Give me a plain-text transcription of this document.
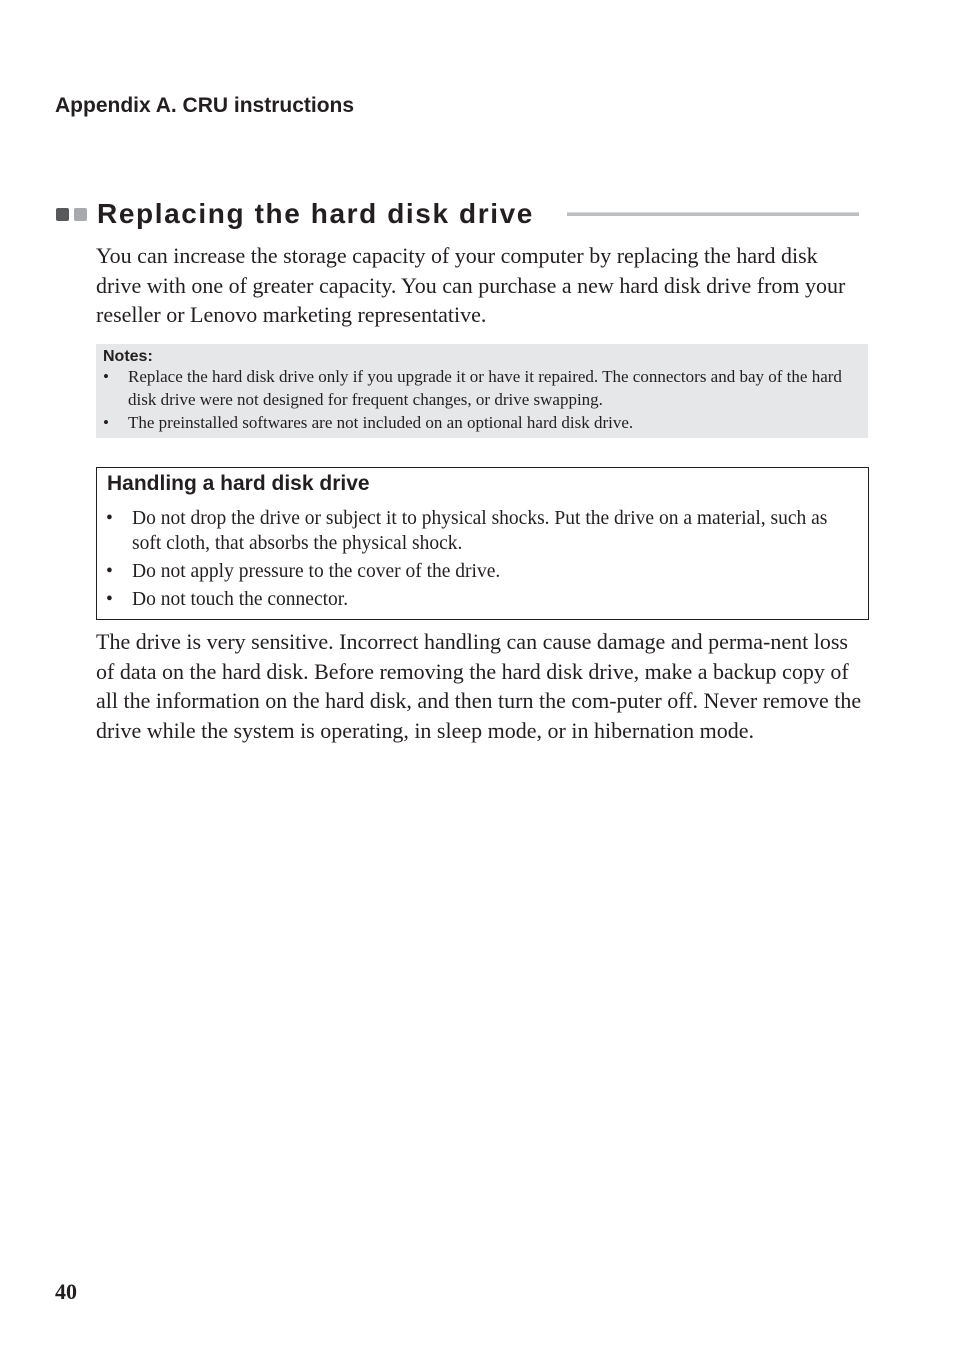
Appendix A. CRU instructions
Replacing the hard disk drive

You can increase the storage capacity of your computer by replacing the hard disk drive with one of greater capacity. You can purchase a new hard disk drive from your reseller or Lenovo marketing representative.

Notes:
• Replace the hard disk drive only if you upgrade it or have it repaired. The connectors and bay of the hard disk drive were not designed for frequent changes, or drive swapping.
• The preinstalled softwares are not included on an optional hard disk drive.
Handling a hard disk drive
• Do not drop the drive or subject it to physical shocks. Put the drive on a material, such as soft cloth, that absorbs the physical shock.
• Do not apply pressure to the cover of the drive.
• Do not touch the connector.

The drive is very sensitive. Incorrect handling can cause damage and perma-nent loss of data on the hard disk. Before removing the hard disk drive, make a backup copy of all the information on the hard disk, and then turn the com-puter off. Never remove the drive while the system is operating, in sleep mode, or in hibernation mode.

40
